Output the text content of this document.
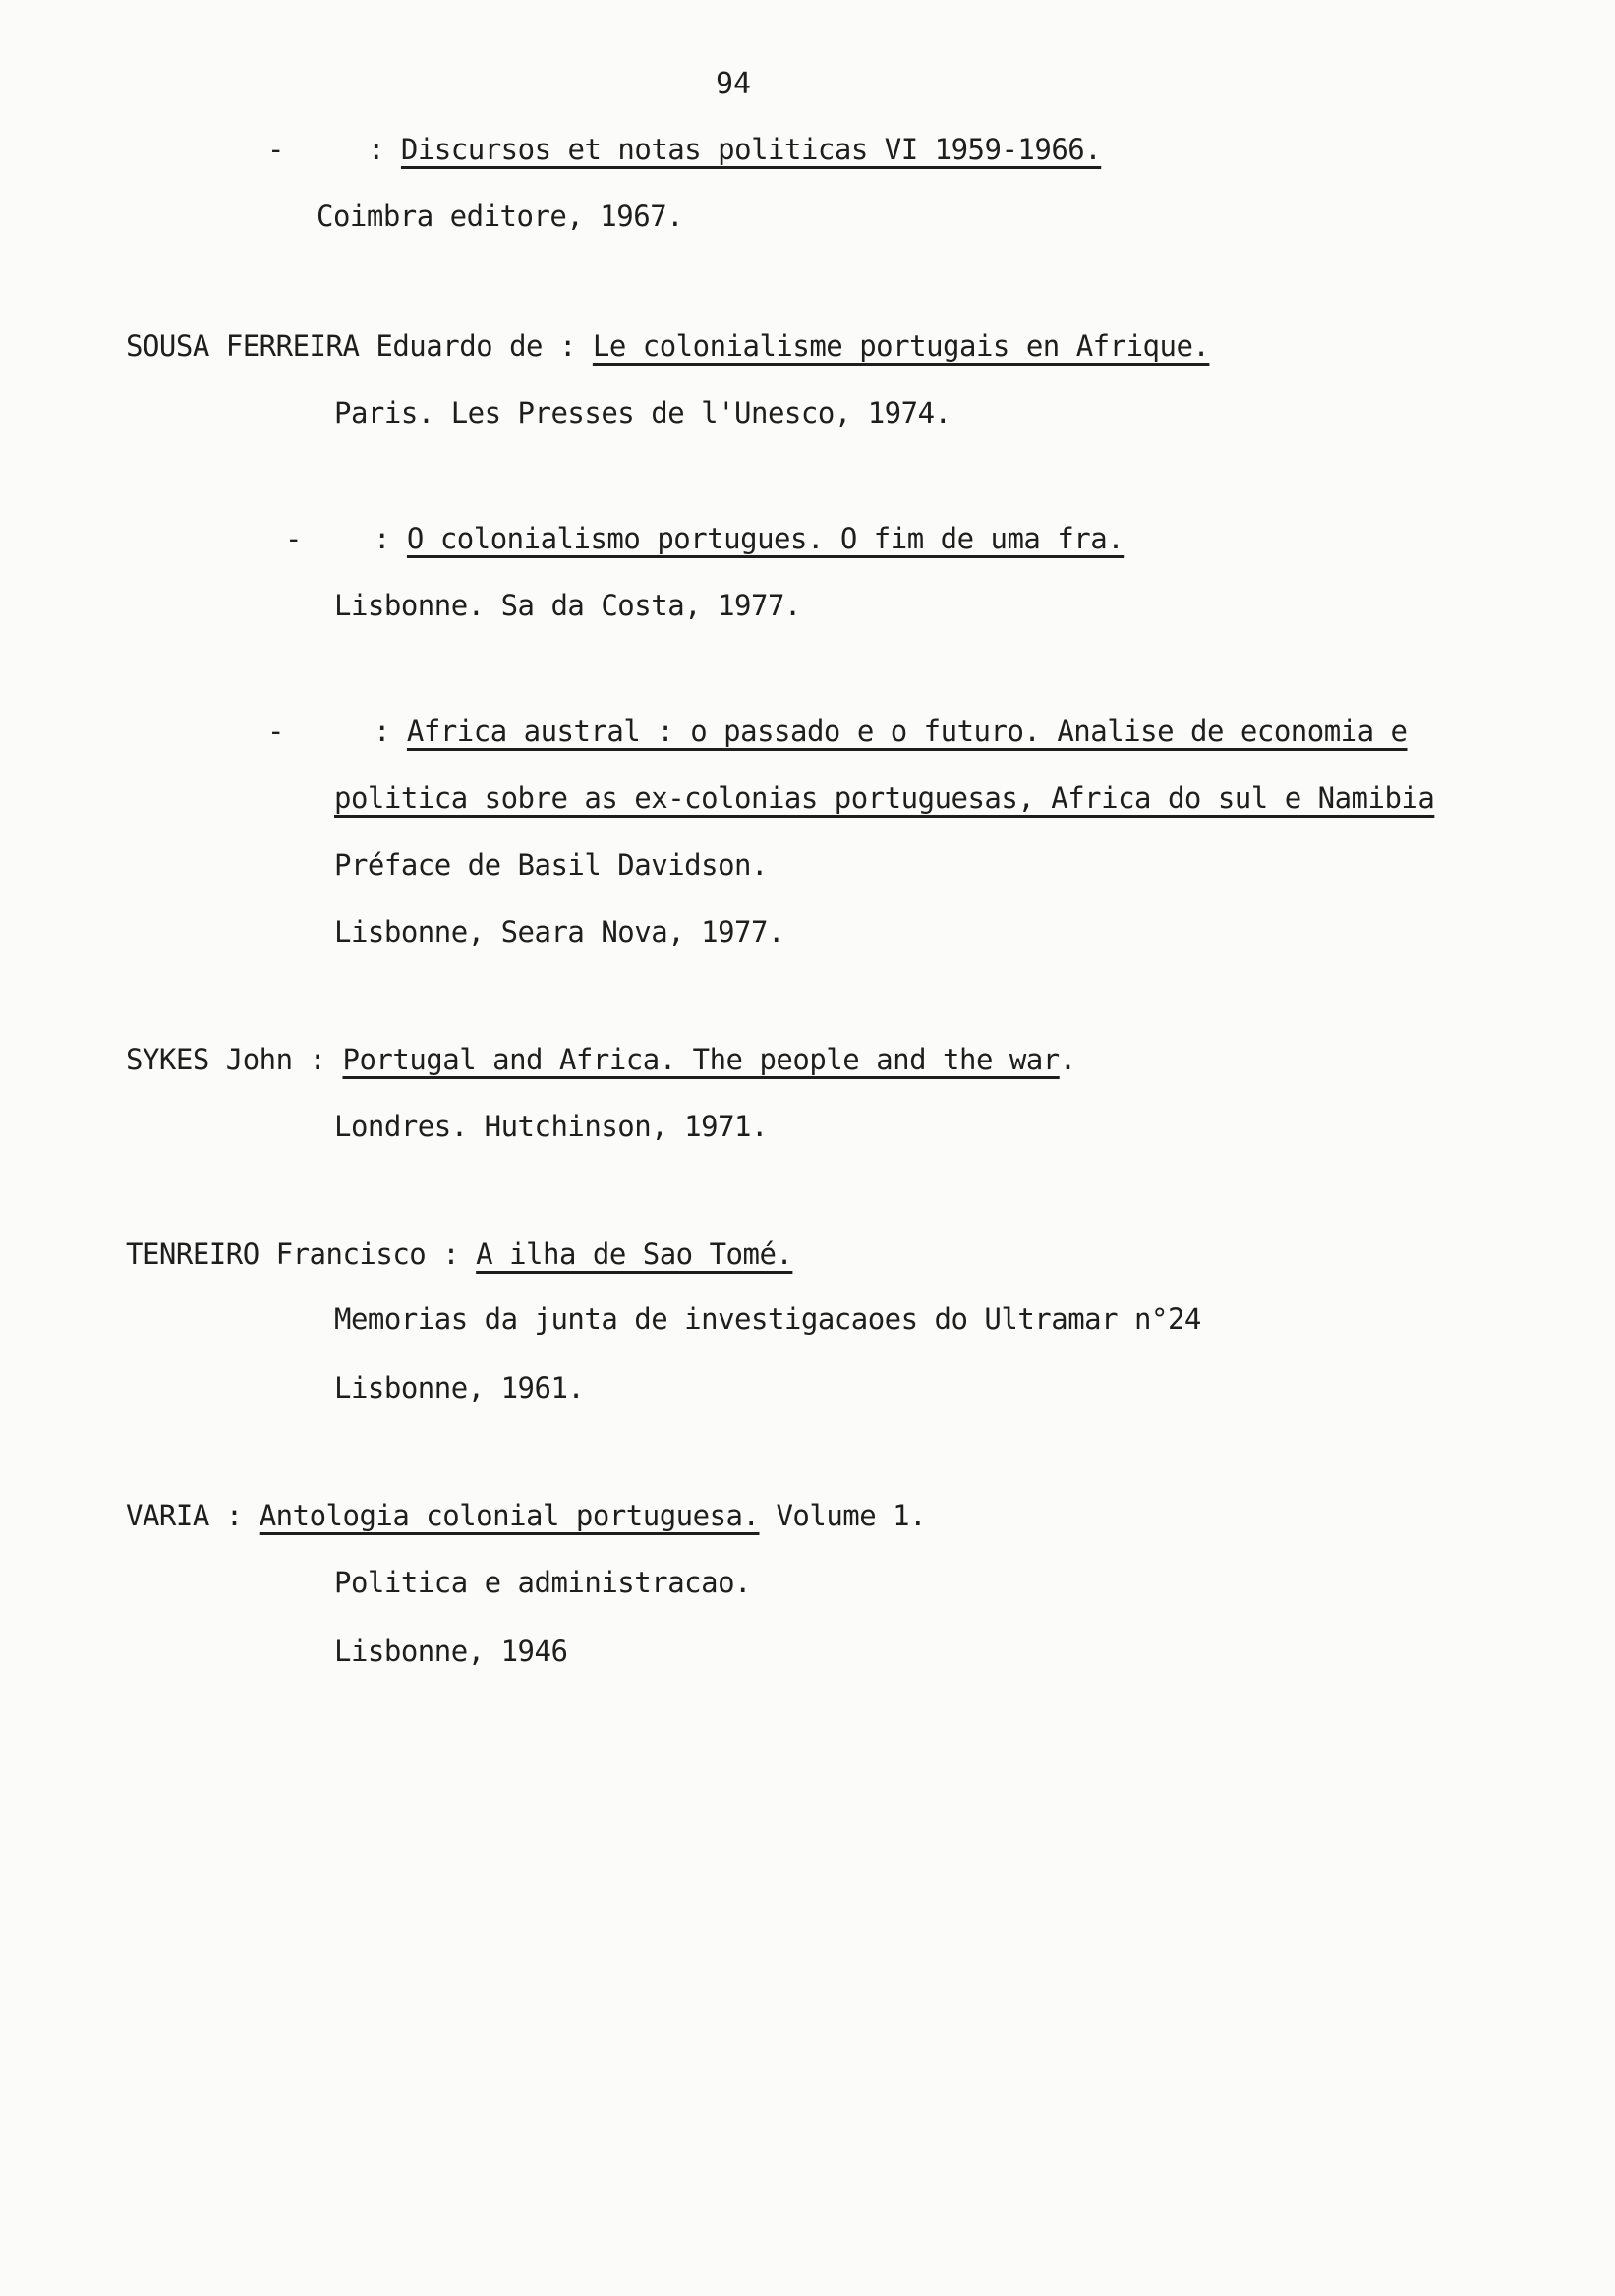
94
-	: Discursos et notas politicas VI 1959-1966.
Coimbra editore, 1967.
SOUSA FERREIRA Eduardo de : Le colonialisme portugais en Afrique.
Paris. Les Presses de l'Unesco, 1974.
-	: O colonialismo portugues. O fim de uma fra.
Lisbonne. Sa da Costa, 1977.
-	: Africa austral : o passado e o futuro. Analise de economia e
politica sobre as ex-colonias portuguesas, Africa do sul e Namibia
Préface de Basil Davidson.
Lisbonne, Seara Nova, 1977.
SYKES John : Portugal and Africa. The people and the war.
Londres. Hutchinson, 1971.
TENREIRO Francisco : A ilha de Sao Tomé.
Memorias da junta de investigacaoes do Ultramar n°24
Lisbonne, 1961.
VARIA : Antologia colonial portuguesa. Volume 1.
Politica e administracao.
Lisbonne, 1946
